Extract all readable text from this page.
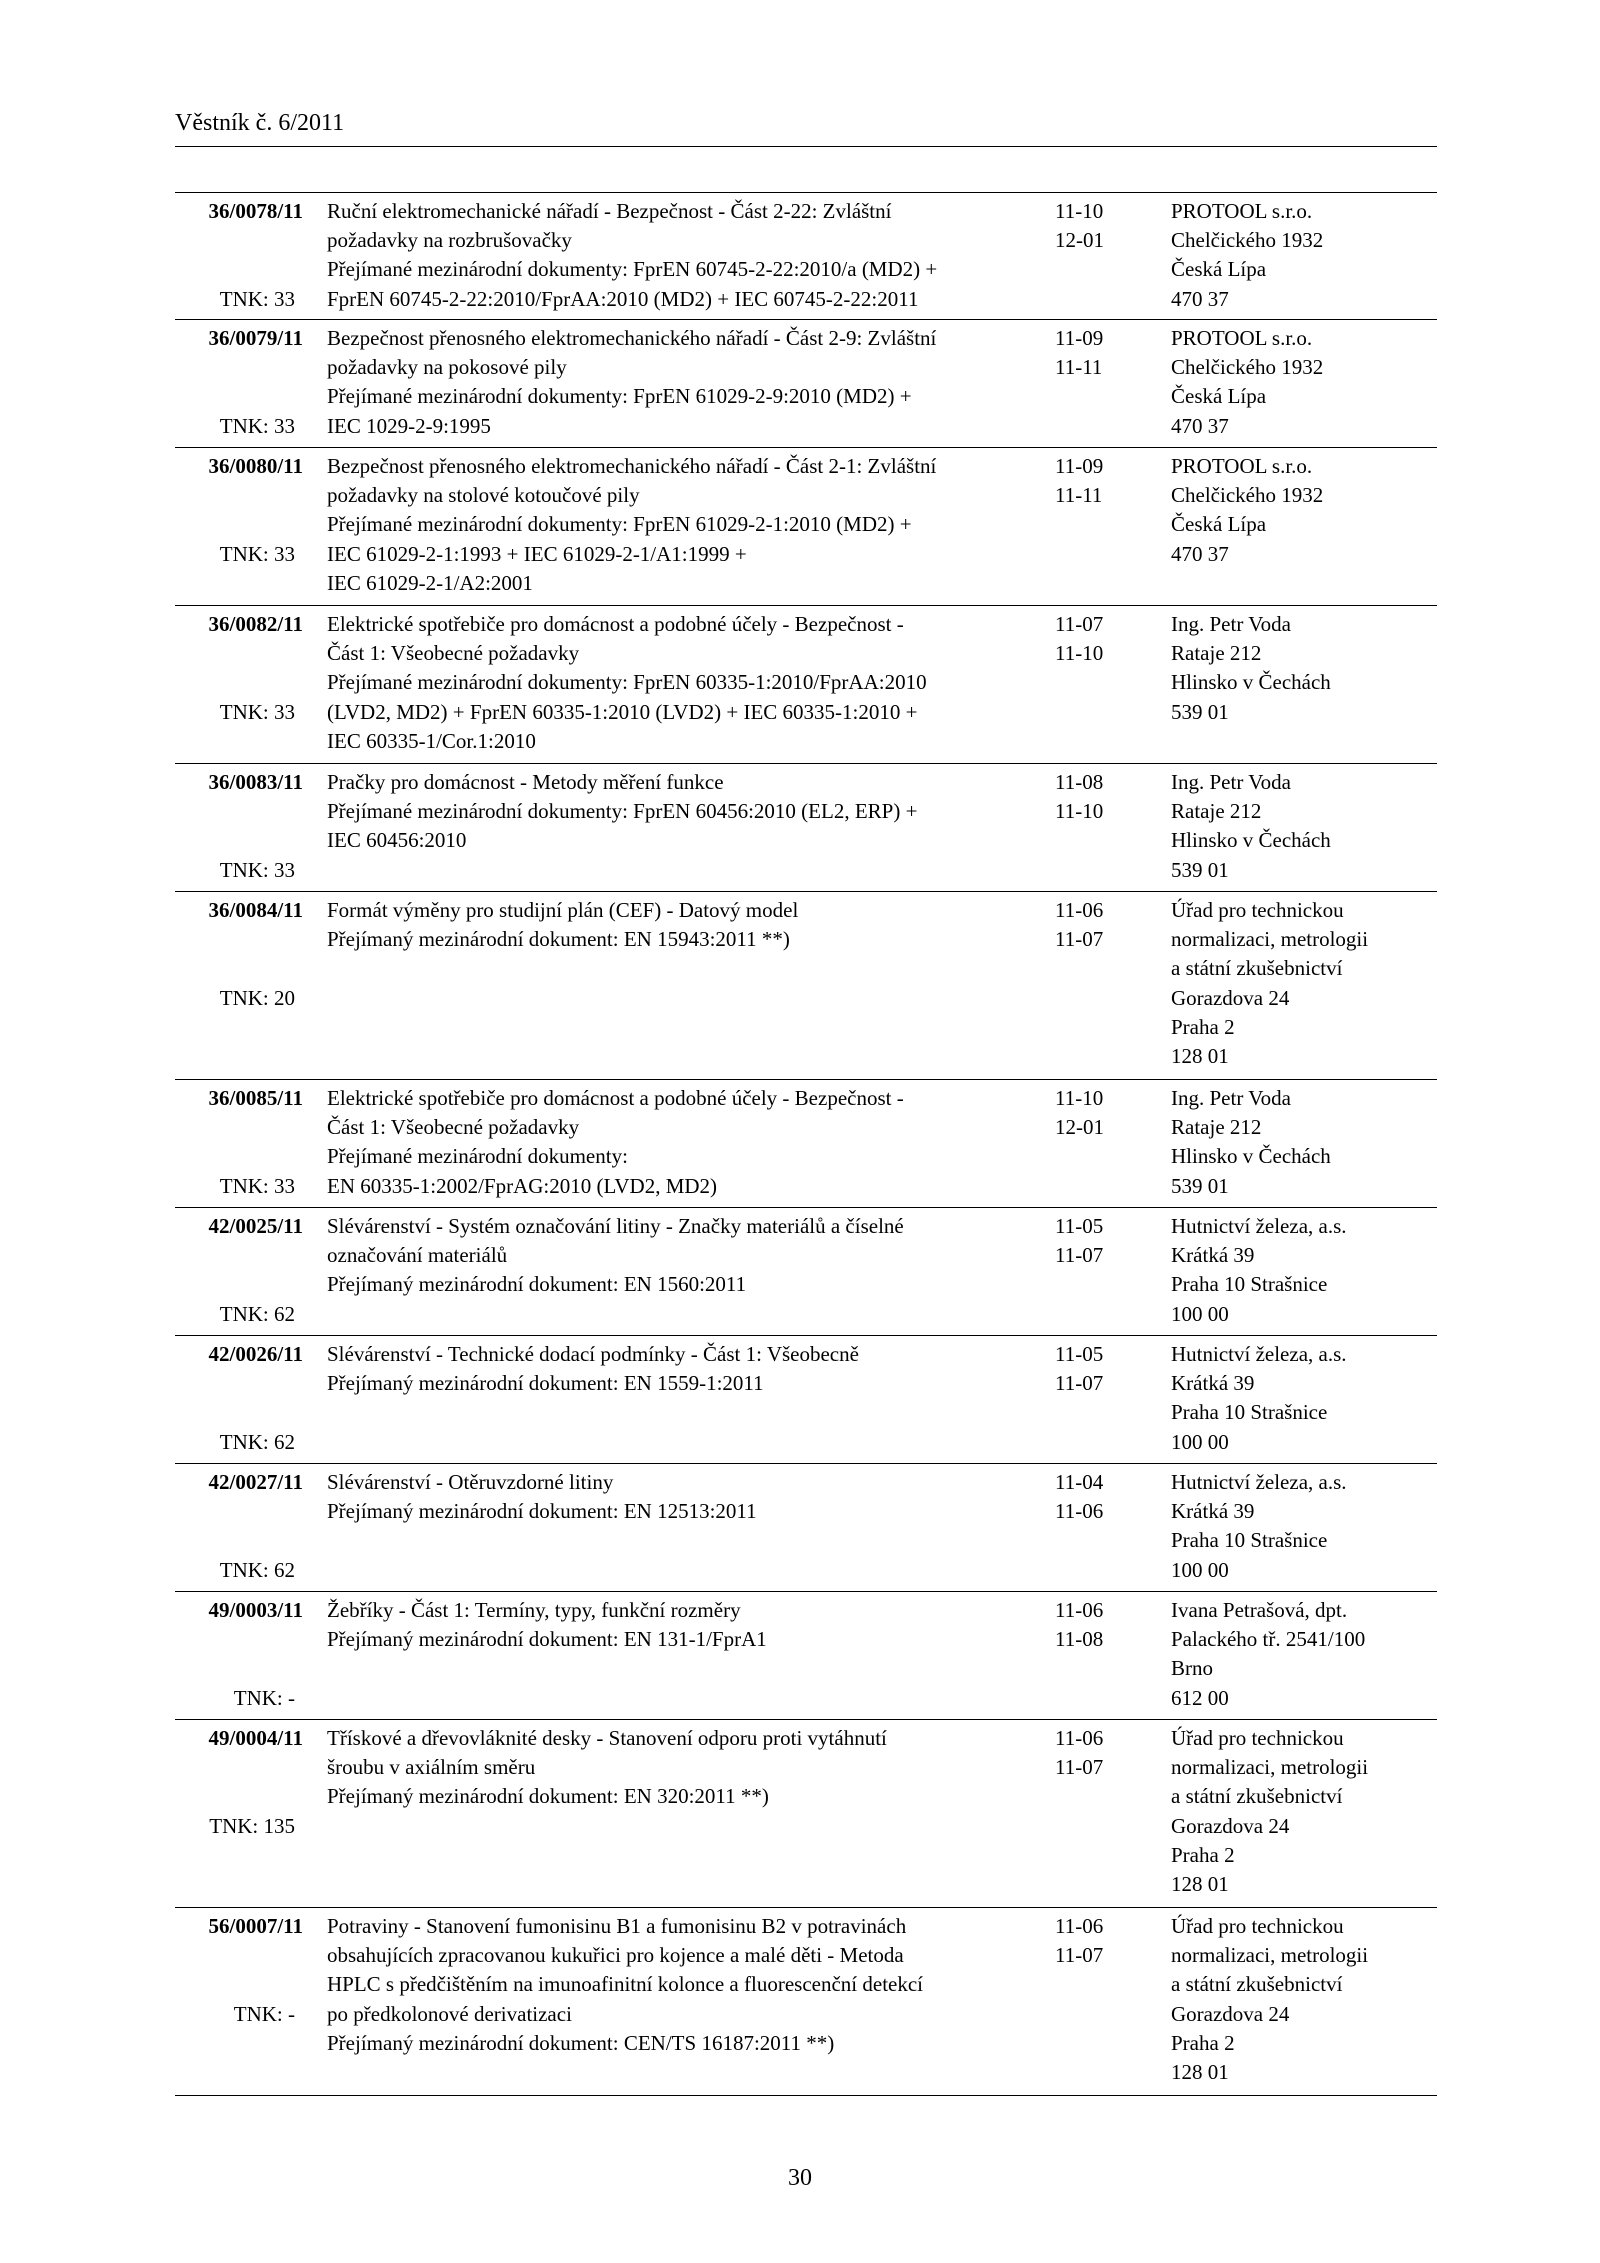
Věstník č. 6/2011
36/0078/11
TNK: 33
Ruční elektromechanické nářadí - Bezpečnost - Část 2-22: Zvláštní
požadavky na rozbrušovačky
Přejímané mezinárodní dokumenty: FprEN 60745-2-22:2010/a (MD2) +
FprEN 60745-2-22:2010/FprAA:2010 (MD2) + IEC 60745-2-22:2011
11-10
12-01
PROTOOL s.r.o.
Chelčického 1932
Česká Lípa
470 37
36/0079/11
TNK: 33
Bezpečnost přenosného elektromechanického nářadí - Část 2-9: Zvláštní
požadavky na pokosové pily
Přejímané mezinárodní dokumenty: FprEN 61029-2-9:2010 (MD2) +
IEC 1029-2-9:1995
11-09
11-11
PROTOOL s.r.o.
Chelčického 1932
Česká Lípa
470 37
36/0080/11
TNK: 33
Bezpečnost přenosného elektromechanického nářadí - Část 2-1: Zvláštní
požadavky na stolové kotoučové pily
Přejímané mezinárodní dokumenty: FprEN 61029-2-1:2010 (MD2) +
IEC 61029-2-1:1993 + IEC 61029-2-1/A1:1999 +
IEC 61029-2-1/A2:2001
11-09
11-11
PROTOOL s.r.o.
Chelčického 1932
Česká Lípa
470 37
36/0082/11
TNK: 33
Elektrické spotřebiče pro domácnost a podobné účely - Bezpečnost -
Část 1: Všeobecné požadavky
Přejímané mezinárodní dokumenty: FprEN 60335-1:2010/FprAA:2010
(LVD2, MD2) + FprEN 60335-1:2010 (LVD2) + IEC 60335-1:2010 +
IEC 60335-1/Cor.1:2010
11-07
11-10
Ing. Petr Voda
Rataje 212
Hlinsko v Čechách
539 01
36/0083/11
TNK: 33
Pračky pro domácnost - Metody měření funkce
Přejímané mezinárodní dokumenty: FprEN 60456:2010 (EL2, ERP) +
IEC 60456:2010
11-08
11-10
Ing. Petr Voda
Rataje 212
Hlinsko v Čechách
539 01
36/0084/11
TNK: 20
Formát výměny pro studijní plán (CEF) - Datový model
Přejímaný mezinárodní dokument: EN 15943:2011 **)
11-06
11-07
Úřad pro technickou
normalizaci, metrologii
a státní zkušebnictví
Gorazdova 24
Praha 2
128 01
36/0085/11
TNK: 33
Elektrické spotřebiče pro domácnost a podobné účely - Bezpečnost -
Část 1: Všeobecné požadavky
Přejímané mezinárodní dokumenty:
EN 60335-1:2002/FprAG:2010 (LVD2, MD2)
11-10
12-01
Ing. Petr Voda
Rataje 212
Hlinsko v Čechách
539 01
42/0025/11
TNK: 62
Slévárenství - Systém označování litiny - Značky materiálů a číselné
označování materiálů
Přejímaný mezinárodní dokument: EN 1560:2011
11-05
11-07
Hutnictví železa, a.s.
Krátká 39
Praha 10 Strašnice
100 00
42/0026/11
TNK: 62
Slévárenství - Technické dodací podmínky - Část 1: Všeobecně
Přejímaný mezinárodní dokument: EN 1559-1:2011
11-05
11-07
Hutnictví železa, a.s.
Krátká 39
Praha 10 Strašnice
100 00
42/0027/11
TNK: 62
Slévárenství - Otěruvzdorné litiny
Přejímaný mezinárodní dokument: EN 12513:2011
11-04
11-06
Hutnictví železa, a.s.
Krátká 39
Praha 10 Strašnice
100 00
49/0003/11
TNK: -
Žebříky - Část 1: Termíny, typy, funkční rozměry
Přejímaný mezinárodní dokument: EN 131-1/FprA1
11-06
11-08
Ivana Petrašová, dpt.
Palackého tř. 2541/100
Brno
612 00
49/0004/11
TNK: 135
Třískové a dřevovláknité desky - Stanovení odporu proti vytáhnutí
šroubu v axiálním směru
Přejímaný mezinárodní dokument: EN 320:2011 **)
11-06
11-07
Úřad pro technickou
normalizaci, metrologii
a státní zkušebnictví
Gorazdova 24
Praha 2
128 01
56/0007/11
TNK: -
Potraviny - Stanovení fumonisinu B1 a fumonisinu B2 v potravinách
obsahujících zpracovanou kukuřici pro kojence a malé děti - Metoda
HPLC s předčištěním na imunoafinitní kolonce a fluorescenční detekcí
po předkolonové derivatizaci
Přejímaný mezinárodní dokument: CEN/TS 16187:2011 **)
11-06
11-07
Úřad pro technickou
normalizaci, metrologii
a státní zkušebnictví
Gorazdova 24
Praha 2
128 01
30
